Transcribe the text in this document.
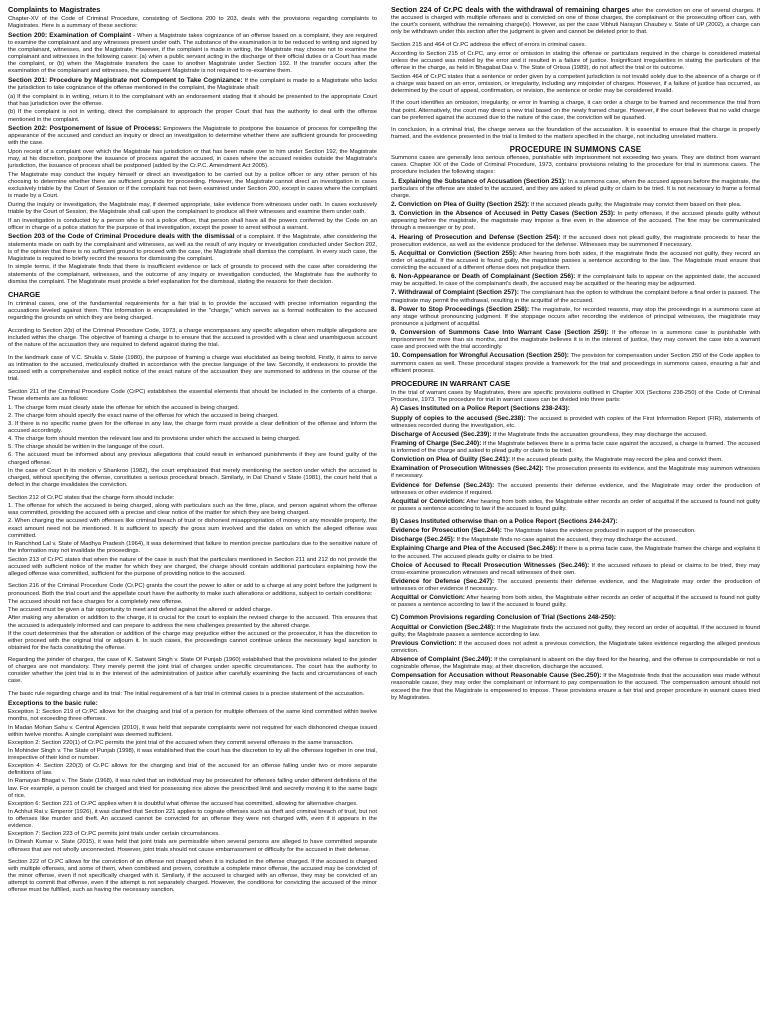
Complaints to Magistrates

Chapter-XV of the Code of Criminal Procedure, consisting of Sections 200 to 203, deals with the provisions regarding complaints to Magistrates. Here is a summary of these sections:

Section 200: Examination of Complaint - When a Magistrate takes cognizance of an offense based on a complaint, they are required to examine the complainant and any witnesses present under oath. The substance of the examination is to be reduced to writing and signed by the complainant, witnesses, and the Magistrate. However, if the complaint is made in writing, the Magistrate may choose not to examine the complainant and witnesses in the following cases: (a) when a public servant acting in the discharge of their official duties or a Court has made the complaint, or (b) when the Magistrate transfers the case to another Magistrate under Section 192. If the transfer occurs after the examination of the complainant and witnesses, the subsequent Magistrate is not required to re-examine them.

Section 201: Procedure by Magistrate not Competent to Take Cognizance: If the complaint is made to a Magistrate who lacks the jurisdiction to take cognizance of the offense mentioned in the complaint, the Magistrate shall:

(a) If the complaint is in writing, return it to the complainant with an endorsement stating that it should be presented to the appropriate Court that has jurisdiction over the offense.

(b) If the complaint is not in writing, direct the complainant to approach the proper Court that has the authority to deal with the offense mentioned in the complaint.

Section 202: Postponement of Issue of Process: Empowers the Magistrate to postpone the issuance of process for compelling the appearance of the accused and conduct an inquiry or direct an investigation to determine whether there are sufficient grounds for proceeding with the case.

Upon receipt of a complaint over which the Magistrate has jurisdiction or that has been made over to him under Section 192, the Magistrate may, at his discretion, postpone the issuance of process against the accused, in cases where the accused resides outside the Magistrate's jurisdiction, the issuance of process shall be postponed (added by the Cr.P.C. Amendment Act 2005).

The Magistrate may conduct the inquiry himself or direct an investigation to be carried out by a police officer or any other person of his choosing to determine whether there are sufficient grounds for proceeding. However, the Magistrate cannot direct an investigation in cases exclusively triable by the Court of Session or if the complaint has not been examined under Section 200, except in cases where the complaint is made by a Court.

During the inquiry or investigation, the Magistrate may, if deemed appropriate, take evidence from witnesses under oath. In cases exclusively triable by the Court of Session, the Magistrate shall call upon the complainant to produce all their witnesses and examine them under oath.

If an investigation is conducted by a person who is not a police officer, that person shall have all the powers conferred by the Code on an officer in charge of a police station for the purpose of that investigation, except the power to arrest without a warrant.

Section 203 of the Code of Criminal Procedure deals with the dismissal of a complaint. If the Magistrate, after considering the statements made on oath by the complainant and witnesses, as well as the result of any inquiry or investigation conducted under Section 202, is of the opinion that there is no sufficient ground to proceed with the case, the Magistrate shall dismiss the complaint. In every such case, the Magistrate is required to briefly record the reasons for dismissing the complaint.

In simple terms, if the Magistrate finds that there is insufficient evidence or lack of grounds to proceed with the case after considering the statements of the complainant, witnesses, and the outcome of any inquiry or investigation conducted, the Magistrate has the authority to dismiss the complaint. The Magistrate must provide a brief explanation for the dismissal, stating the reasons for their decision.

CHARGE

In criminal cases, one of the fundamental requirements for a fair trial is to provide the accused with precise information regarding the accusations leveled against them. This information is encapsulated in the "charge," which serves as a formal notification to the accused regarding the grounds on which they are being charged.

According to Section 2(b) of the Criminal Procedure Code, 1973, a charge encompasses any specific allegation when multiple allegations are included within the charge. The objective of framing a charge is to ensure that the accused is provided with a clear and unambiguous account of the nature of the accusation they are required to defend against during the trial.

In the landmark case of V.C. Shukla v. State (1980), the purpose of framing a charge was elucidated as being twofold. Firstly, it aims to serve as intimation to the accused, meticulously drafted in accordance with the precise language of the law. Secondly, it endeavors to provide the accused with a comprehensive and explicit notice of the exact nature of the accusation they are summoned to address in the course of the trial.

Section 211 of the Criminal Procedure Code (CrPC) establishes the essential elements that should be included in the contents of a charge. These elements are as follows:

1. The charge form must clearly state the offense for which the accused is being charged.

2. The charge form should specify the exact name of the offense for which the accused is being charged.

3. If there is no specific name given for the offense in any law, the charge form must provide a clear definition of the offense and inform the accused accordingly.

4. The charge form should mention the relevant law and its provisions under which the accused is being charged.

5. The charge should be written in the language of the court.

6. The accused must be informed about any previous allegations that could result in enhanced punishments if they are found guilty of the charged offense.

In the case of Court in its motion v Shankroo (1982), the court emphasized that merely mentioning the section under which the accused is charged, without specifying the offense, constitutes a serious procedural breach. Similarly, in Dal Chand v State (1981), the court held that a defect in the charge invalidates the conviction.

Section 212 of Cr.PC states that the charge form should include:

1. The offense for which the accused is being charged, along with particulars such as the time, place, and person against whom the offense was committed, providing the accused with a precise and clear notice of the matter for which they are being charged.

2. When charging the accused with offenses like criminal breach of trust or dishonest misappropriation of money or any movable property, the exact amount need not be mentioned. It is sufficient to specify the gross sum involved and the dates on which the alleged offense was committed.

In Ranchhod Lal v. State of Madhya Pradesh (1964), it was determined that failure to mention precise particulars due to the sensitive nature of the information may not invalidate the proceedings.

Section 213 of Cr.PC states that when the nature of the case is such that the particulars mentioned in Section 211 and 212 do not provide the accused with sufficient notice of the matter for which they are charged, the charge should contain additional particulars explaining how the alleged offense was committed, sufficient for the purpose of providing notice to the accused.

Section 216 of the Criminal Procedure Code (Cr.PC) grants the court the power to alter or add to a charge at any point before the judgment is pronounced. Both the trial court and the appellate court have the authority to make such alterations or additions, subject to certain conditions:

The accused should not face charges for a completely new offense.

The accused must be given a fair opportunity to meet and defend against the altered or added charge.

After making any alteration or addition to the charge, it is crucial for the court to explain the revised charge to the accused. This ensures that the accused is adequately informed and can prepare to address the new challenges presented by the altered charge.

If the court determines that the alteration or addition of the charge may prejudice either the accused or the prosecutor, it has the discretion to either proceed with the original trial or adjourn it. In such cases, the proceedings cannot continue unless the necessary legal sanction is obtained for the facts constituting the offense.

Regarding the joinder of charges, the case of K. Satwant Singh v. State Of Punjab (1960) established that the provisions related to the joinder of charges are not mandatory. They merely permit the joint trial of charges under specific circumstances. The court has the authority to consider whether the joint trial is in the interest of the administration of justice after carefully examining the facts and circumstances of each case.

The basic rule regarding charge and its trial: The initial requirement of a fair trial in criminal cases is a precise statement of the accusation.

Exceptions to the basic rule:

Exception 1: Section 219 of Cr.PC allows for the charging and trial of a person for multiple offenses of the same kind committed within twelve months, not exceeding three offenses.

In Madan Mohan Sahu v. Central Agencies (2010), it was held that separate complaints were not required for each dishonored cheque issued within twelve months. A single complaint was deemed sufficient.

Exception 2: Section 220(1) of Cr.PC permits the joint trial of the accused when they commit several offenses in the same transaction.

In Mohinder Singh v. The State of Punjab (1998), it was established that the court has the discretion to try all the offenses together in one trial, irrespective of their kind or number.

Exception 4: Section 220(3) of Cr.PC allows for the charging and trial of the accused for an offense falling under two or more separate definitions of law.

In Ramayan Bhagat v. The State (1968), it was ruled that an individual may be prosecuted for offenses falling under different definitions of the law. For example, a person could be charged and tried for possessing rice above the prescribed limit and secretly moving it to the same bags of rice.

Exception 6: Section 221 of Cr.PC applies when it is doubtful what offense the accused has committed, allowing for alternative charges.

In Achhut Rai v. Emperor (1926), it was clarified that Section 221 applies to cognate offenses such as theft and criminal breach of trust, but not to offenses like murder and theft. An accused cannot be convicted for an offense they were not charged with, even if it appears in the evidence.

Exception 7: Section 223 of Cr.PC permits joint trials under certain circumstances.

In Dinesh Kumar v. State (2015), it was held that joint trials are permissible when several persons are alleged to have committed separate offenses that are not wholly unconnected. However, joint trials should not cause embarrassment or difficulty for the accused in their defense.

Section 222 of Cr.PC allows for the conviction of an offense not charged when it is included in the offense charged. If the accused is charged with multiple offenses, and some of them, when combined and proven, constitute a complete minor offense, the accused may be convicted of the minor offense, even if not specifically charged with it. Similarly, if the accused is charged with an offense, they may be convicted of an attempt to commit that offense, even if the attempt is not separately charged. However, the conditions for convicting the accused of the minor offense must be fulfilled, such as having the necessary sanction.

Section 224 of Cr.PC deals with the withdrawal of remaining charges after the conviction on one of several charges. If the accused is charged with multiple offenses and is convicted on one of those charges, the complainant or the prosecuting officer can, with the court's consent, withdraw the remaining charge(s). However, as per the case Vibhuti Narayan Chaubey v. State of UP (2002), a charge can only be withdrawn under this section after the judgment is given and cannot be deleted prior to that.

Section 215 and 464 of Cr.PC address the effect of errors in criminal cases.

According to Section 215 of Cr.PC, any error or omission in stating the offense or particulars required in the charge is considered material unless the accused was misled by the error and it resulted in a failure of justice. Insignificant irregularities in stating the particulars of the offense in the charge, as held in Bhagabat Das v. The State of Orissa (1989), do not affect the trial or its outcome.

Section 464 of Cr.PC states that a sentence or order given by a competent jurisdiction is not invalid solely due to the absence of a charge or if a charge was based on an error, omission, or irregularity, including any misjoinder of charges. However, if a failure of justice has occurred, as determined by the court of appeal, confirmation, or revision, the sentence or order may be considered invalid.

If the court identifies an omission, irregularity, or error in framing a charge, it can order a charge to be framed and recommence the trial from that point. Alternatively, the court may direct a new trial based on the newly framed charge. However, if the court believes that no valid charge can be preferred against the accused due to the nature of the case, the conviction will be quashed.

In conclusion, in a criminal trial, the charge serves as the foundation of the accusation. It is essential to ensure that the charge is properly framed, and the evidence presented in the trial is limited to the matters specified in the charge, not including unrelated matters.

PROCEDURE IN SUMMONS CASE

Summons cases are generally less serious offenses, punishable with imprisonment not exceeding two years. They are distinct from warrant cases. Chapter XX of the Code of Criminal Procedure, 1973, contains provisions relating to the procedure for trial in summons cases. The procedure includes the following stages:

1. Explaining the Substance of Accusation (Section 251): In a summons case, when the accused appears before the magistrate, the particulars of the offense are stated to the accused, and they are asked to plead guilty or claim to be tried. It is not necessary to frame a formal charge.

2. Conviction on Plea of Guilty (Section 252): If the accused pleads guilty, the Magistrate may convict them based on their plea.

3. Conviction in the Absence of Accused in Petty Cases (Section 253): In petty offenses, if the accused pleads guilty without appearing before the magistrate, the magistrate may impose a fine even in the absence of the accused. The fine may be communicated through a messenger or by post.

4. Hearing of Prosecution and Defense (Section 254): If the accused does not plead guilty, the magistrate proceeds to hear the prosecution evidence, as well as the evidence produced for the defense. Witnesses may be summoned if necessary.

5. Acquittal or Conviction (Section 255): After hearing from both sides, if the magistrate finds the accused not guilty, they record an order of acquittal. If the accused is found guilty, the magistrate passes a sentence according to the law. The Magistrate must ensure that convicting the accused of a different offense does not prejudice them.

6. Non-Appearance or Death of Complainant (Section 256): If the complainant fails to appear on the appointed date, the accused may be acquitted. In case of the complainant's death, the accused may be acquitted or the hearing may be adjourned.

7. Withdrawal of Complaint (Section 257): The complainant has the option to withdraw the complaint before a final order is passed. The magistrate may permit the withdrawal, resulting in the acquittal of the accused.

8. Power to Stop Proceedings (Section 258): The magistrate, for recorded reasons, may stop the proceedings in a summons case at any stage without pronouncing judgment. If the stoppage occurs after recording the evidence of principal witnesses, the magistrate may pronounce a judgment of acquittal.

9. Conversion of Summons Case Into Warrant Case (Section 259): If the offense in a summons case is punishable with imprisonment for more than six months, and the magistrate believes it is in the interest of justice, they may convert the case into a warrant case and proceed with the trial accordingly.

10. Compensation for Wrongful Accusation (Section 250): The provision for compensation under Section 250 of the Code applies to summons cases as well. These procedural stages provide a framework for the trial and proceedings in summons cases, ensuring a fair and efficient process.

PROCEDURE IN WARRANT CASE

In the trial of warrant cases by Magistrates, there are specific provisions outlined in Chapter XIX (Sections 238-250) of the Code of Criminal Procedure, 1973. The procedure for trial in warrant cases can be divided into three parts:

A) Cases Instituted on a Police Report (Sections 238-243):

Supply of copies to the accused (Sec.238): The accused is provided with copies of the First Information Report (FIR), statements of witnesses recorded during the investigation, etc.

Discharge of Accused (Sec.239): If the Magistrate finds the accusation groundless, they may discharge the accused.

Framing of Charge (Sec.240): If the Magistrate believes there is a prima facie case against the accused, a charge is framed. The accused is informed of the charge and asked to plead guilty or claim to be tried.

Conviction on Plea of Guilty (Sec.241): If the accused pleads guilty, the Magistrate may record the plea and convict them.

Examination of Prosecution Witnesses (Sec.242): The prosecution presents its evidence, and the Magistrate may summon witnesses if necessary.

Evidence for Defense (Sec.243): The accused presents their defense evidence, and the Magistrate may order the production of witnesses or other evidence if required.

Acquittal or Conviction: After hearing from both sides, the Magistrate either records an order of acquittal if the accused is found not guilty or passes a sentence according to law if the accused is found guilty.

B) Cases Instituted otherwise than on a Police Report (Sections 244-247):

Evidence for Prosecution (Sec.244): The Magistrate takes the evidence produced in support of the prosecution.

Discharge (Sec.245): If the Magistrate finds no case against the accused, they may discharge the accused.

Explaining Charge and Plea of the Accused (Sec.246): If there is a prima facie case, the Magistrate frames the charge and explains it to the accused. The accused pleads guilty or claims to be tried.

Choice of Accused to Recall Prosecution Witnesses (Sec.246): If the accused refuses to plead or claims to be tried, they may cross-examine prosecution witnesses and recall witnesses of their own.

Evidence for Defense (Sec.247): The accused presents their defense evidence, and the Magistrate may order the production of witnesses or other evidence if necessary.

Acquittal or Conviction: After hearing from both sides, the Magistrate either records an order of acquittal if the accused is found not guilty or passes a sentence according to law if the accused is found guilty.

C) Common Provisions regarding Conclusion of Trial (Sections 248-250):

Acquittal or Conviction (Sec.248): If the Magistrate finds the accused not guilty, they record an order of acquittal. If the accused is found guilty, the Magistrate passes a sentence according to law.

Previous Conviction: If the accused does not admit a previous conviction, the Magistrate takes evidence regarding the alleged previous conviction.

Absence of Complaint (Sec.249): If the complainant is absent on the day fixed for the hearing, and the offense is compoundable or not a cognizable offense, the Magistrate may, at their discretion, discharge the accused.

Compensation for Accusation without Reasonable Cause (Sec.250): If the Magistrate finds that the accusation was made without reasonable cause, they may order the complainant or informant to pay compensation to the accused. The compensation amount should not exceed the fine that the Magistrate is empowered to impose. These provisions ensure a fair trial and proper procedure in warrant cases tried by Magistrates.
